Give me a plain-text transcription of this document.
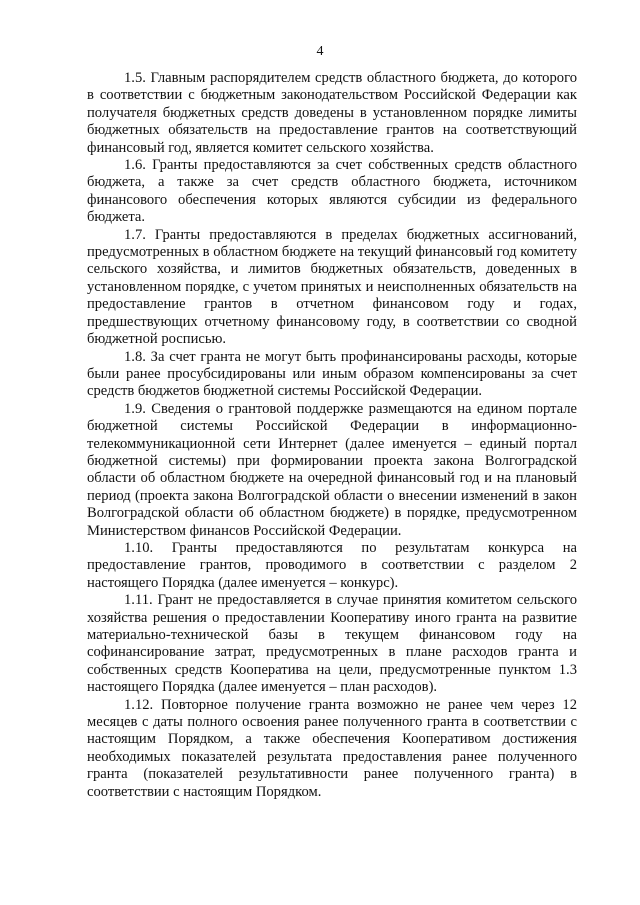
4

1.5. Главным распорядителем средств областного бюджета, до которого в соответствии с бюджетным законодательством Российской Федерации как получателя бюджетных средств доведены в установленном порядке лимиты бюджетных обязательств на предоставление грантов на соответствующий финансовый год, является комитет сельского хозяйства.

1.6. Гранты предоставляются за счет собственных средств областного бюджета, а также за счет средств областного бюджета, источником финансового обеспечения которых являются субсидии из федерального бюджета.

1.7. Гранты предоставляются в пределах бюджетных ассигнований, предусмотренных в областном бюджете на текущий финансовый год комитету сельского хозяйства, и лимитов бюджетных обязательств, доведенных в установленном порядке, с учетом принятых и неисполненных обязательств на предоставление грантов в отчетном финансовом году и годах, предшествующих отчетному финансовому году, в соответствии со сводной бюджетной росписью.

1.8. За счет гранта не могут быть профинансированы расходы, которые были ранее просубсидированы или иным образом компенсированы за счет средств бюджетов бюджетной системы Российской Федерации.

1.9. Сведения о грантовой поддержке размещаются на едином портале бюджетной системы Российской Федерации в информационно-телекоммуникационной сети Интернет (далее именуется – единый портал бюджетной системы) при формировании проекта закона Волгоградской области об областном бюджете на очередной финансовый год и на плановый период (проекта закона Волгоградской области о внесении изменений в закон Волгоградской области об областном бюджете) в порядке, предусмотренном Министерством финансов Российской Федерации.

1.10. Гранты предоставляются по результатам конкурса на предоставление грантов, проводимого в соответствии с разделом 2 настоящего Порядка (далее именуется – конкурс).

1.11. Грант не предоставляется в случае принятия комитетом сельского хозяйства решения о предоставлении Кооперативу иного гранта на развитие материально-технической базы в текущем финансовом году на софинансирование затрат, предусмотренных в плане расходов гранта и собственных средств Кооператива на цели, предусмотренные пунктом 1.3 настоящего Порядка (далее именуется – план расходов).

1.12. Повторное получение гранта возможно не ранее чем через 12 месяцев с даты полного освоения ранее полученного гранта в соответствии с настоящим Порядком, а также обеспечения Кооперативом достижения необходимых показателей результата предоставления ранее полученного гранта (показателей результативности ранее полученного гранта) в соответствии с настоящим Порядком.
